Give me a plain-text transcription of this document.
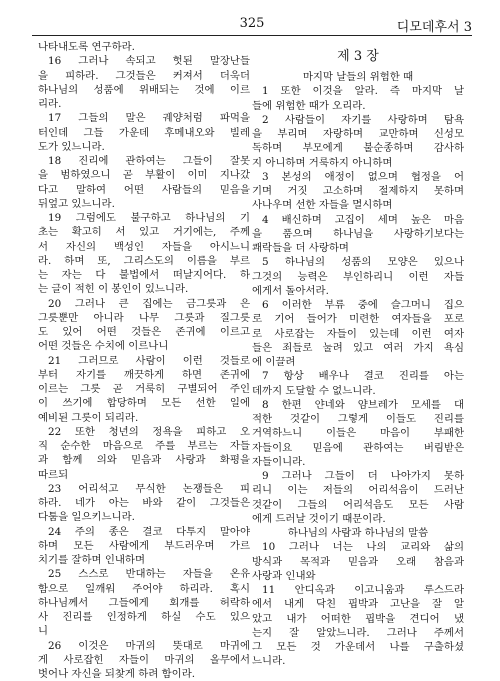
325	디모데후서 3
나타내도록 연구하라.
16 그러나 속되고 헛된 말장난들
을 피하라. 그것들은 커져서 더욱더
하나님의 성품에 위배되는 것에 이르
리라.
17 그들의 말은 궤양처럼 파먹을
터인데 그들 가운데 후메내오와 빌레
도가 있느니라.
18 진리에 관하여는 그들이 잘못
을 범하였으니 곧 부활이 이미 지나갔
다고 말하여 어떤 사람들의 믿음을
뒤엎고 있느니라.
19 그럼에도 불구하고 하나님의 기
초는 확고히 서 있고 거기에는, 주께
서 자신의 백성인 자들을 아시느니
라. 하며 또, 그리스도의 이름을 부르
는 자는 다 불법에서 떠날지어다. 하
는 글이 적힌 이 봉인이 있느니라.
20 그러나 큰 집에는 금그릇과 은
그릇뿐만 아니라 나무 그릇과 질그릇
도 있어 어떤 것들은 존귀에 이르고
어떤 것들은 수치에 이르나니
21 그러므로 사람이 이런 것들로
부터 자기를 깨끗하게 하면 존귀에
이르는 그릇 곧 거룩히 구별되어 주인
이 쓰기에 합당하며 모든 선한 일에
예비된 그릇이 되리라.
22 또한 청년의 정욕을 피하고 오
직 순수한 마음으로 주를 부르는 자들
과 함께 의와 믿음과 사랑과 화평을
따르되
23 어리석고 무식한 논쟁들은 피
하라. 네가 아는 바와 같이 그것들은
다툼을 일으키느니라.
24 주의 종은 결코 다투지 말아야
하며 모든 사람에게 부드러우며 가르
치기를 잘하며 인내하며
25 스스로 반대하는 자들을 온유
함으로 일깨워 주어야 하리라. 혹시
하나님께서 그들에게 회개를 허락하
사 진리를 인정하게 하실 수도 있으
니
26 이것은 마귀의 뜻대로 마귀에
게 사로잡힌 자들이 마귀의 올무에서
벗어나 자신을 되찾게 하려 함이라.
제 3 장
마지막 날들의 위험한 때
1 또한 이것을 알라. 즉 마지막 날
들에 위험한 때가 오리라.
2 사람들이 자기를 사랑하며 탐욕
을 부리며 자랑하며 교만하며 신성모
독하며 부모에게 불순종하며 감사하
지 아니하며 거룩하지 아니하며
3 본성의 애정이 없으며 협정을 어
기며 거짓 고소하며 절제하지 못하며
사나우며 선한 자들을 멸시하며
4 배신하며 고집이 세며 높은 마음
을 품으며 하나님을 사랑하기보다는
쾌락들을 더 사랑하며
5 하나님의 성품의 모양은 있으나
그것의 능력은 부인하리니 이런 자들
에게서 돌아서라.
6 이러한 부류 중에 슬그머니 집으
로 기어 들어가 미련한 여자들을 포로
로 사로잡는 자들이 있는데 이런 여자
들은 죄들로 눌려 있고 여러 가지 욕심
에 이끌려
7 항상 배우나 결코 진리를 아는
데까지 도달할 수 없느니라.
8 한편 얀네와 얌브레가 모세를 대
적한 것같이 그렇게 이들도 진리를
거역하느니 이들은 마음이 부패한
자들이요 믿음에 관하여는 버림받은
자들이니라.
9 그러나 그들이 더 나아가지 못하
리니 이는 저들의 어리석음이 드러난
것같이 그들의 어리석음도 모든 사람
에게 드러날 것이기 때문이라.
하나님의 사람과 하나님의 말씀
10 그러나 너는 나의 교리와 삶의
방식과 목적과 믿음과 오래 참음과
사랑과 인내와
11 안디옥과 이고니움과 루스드라
에서 내게 닥친 핍박과 고난을 잘 알
았고 내가 어떠한 핍박을 견디어 냈
는지 잘 알았느니라. 그러나 주께서
그 모든 것 가운데서 나를 구출하셨
느니라.
